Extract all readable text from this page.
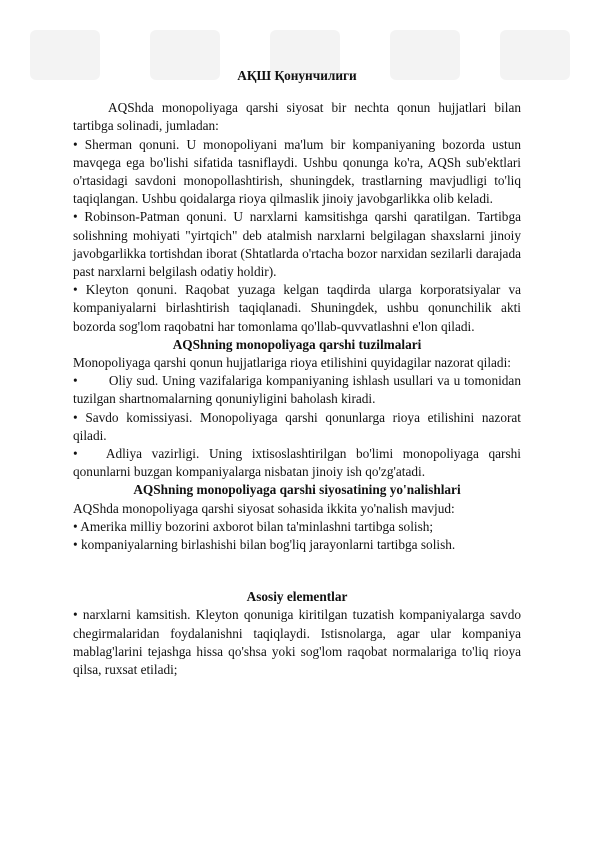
AҚШ Қонунчилиги

AQShda monopoliyaga qarshi siyosat bir nechta qonun hujjatlari bilan tartibga solinadi, jumladan:

• Sherman qonuni. U monopoliyani ma'lum bir kompaniyaning bozorda ustun mavqega ega bo'lishi sifatida tasniflaydi. Ushbu qonunga ko'ra, AQSh sub'ektlari o'rtasidagi savdoni monopollashtirish, shuningdek, trastlarning mavjudligi to'liq taqiqlangan. Ushbu qoidalarga rioya qilmaslik jinoiy javobgarlikka olib keladi.

• Robinson-Patman qonuni. U narxlarni kamsitishga qarshi qaratilgan. Tartibga solishning mohiyati "yirtqich" deb atalmish narxlarni belgilagan shaxslarni jinoiy javobgarlikka tortishdan iborat (Shtatlarda o'rtacha bozor narxidan sezilarli darajada past narxlarni belgilash odatiy holdir).

• Kleyton qonuni. Raqobat yuzaga kelgan taqdirda ularga korporatsiyalar va kompaniyalarni birlashtirish taqiqlanadi. Shuningdek, ushbu qonunchilik akti bozorda sog'lom raqobatni har tomonlama qo'llab-quvvatlashni e'lon qiladi.

AQShning monopoliyaga qarshi tuzilmalari

Monopoliyaga qarshi qonun hujjatlariga rioya etilishini quyidagilar nazorat qiladi:

•        Oliy sud. Uning vazifalariga kompaniyaning ishlash usullari va u tomonidan tuzilgan shartnomalarning qonuniyligini baholash kiradi.

• Savdo komissiyasi. Monopoliyaga qarshi qonunlarga rioya etilishini nazorat qiladi.

•   Adliya vazirligi. Uning ixtisoslashtirilgan bo'limi monopoliyaga qarshi qonunlarni buzgan kompaniyalarga nisbatan jinoiy ish qo'zg'atadi.

AQShning monopoliyaga qarshi siyosatining yo'nalishlari

AQShda monopoliyaga qarshi siyosat sohasida ikkita yo'nalish mavjud:

• Amerika milliy bozorini axborot bilan ta'minlashni tartibga solish;

• kompaniyalarning birlashishi bilan bog'liq jarayonlarni tartibga solish.

Asosiy elementlar

• narxlarni kamsitish. Kleyton qonuniga kiritilgan tuzatish kompaniyalarga savdo chegirmalaridan foydalanishni taqiqlaydi. Istisnolarga, agar ular kompaniya mablag'larini tejashga hissa qo'shsa yoki sog'lom raqobat normalariga to'liq rioya qilsa, ruxsat etiladi;
